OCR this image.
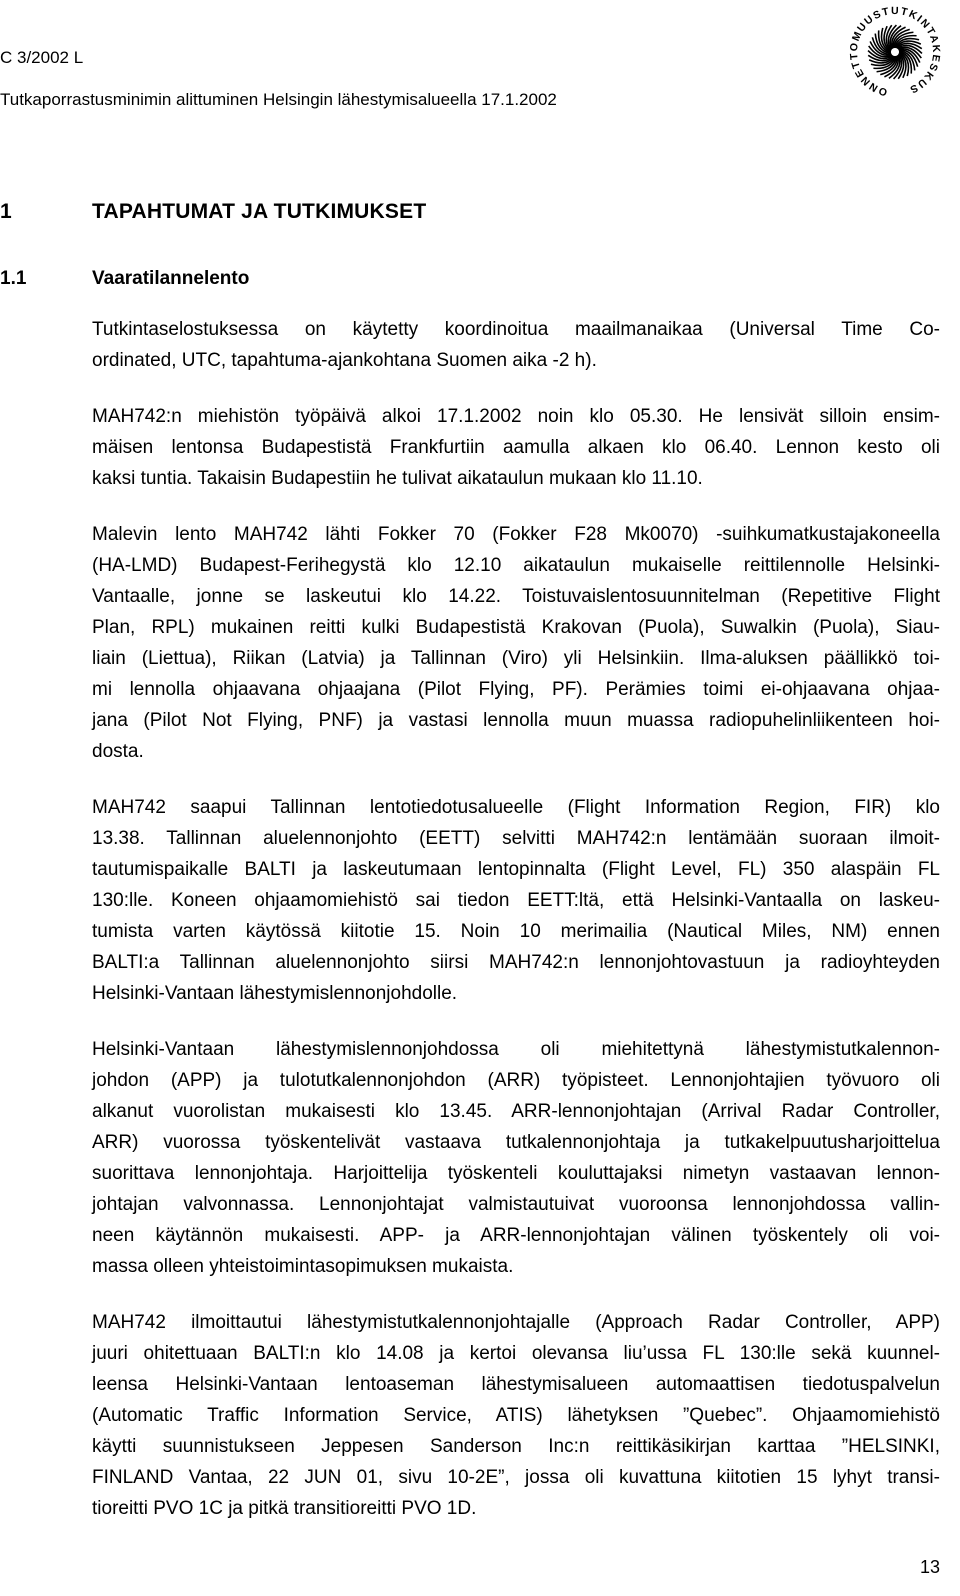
C 3/2002 L
Tutkaporrastusminimin alittuminen Helsingin lähestymisalueella 17.1.2002	ONNETTOMUUSTUTKINTAKESKUS
1	TAPAHTUMAT JA TUTKIMUKSET
1.1	Vaaratilannelento
Tutkintaselostuksessa on käytetty koordinoitua maailmanaikaa (Universal Time Co-
ordinated, UTC, tapahtuma-ajankohtana Suomen aika -2 h).
MAH742:n miehistön työpäivä alkoi 17.1.2002 noin klo 05.30. He lensivät silloin ensim-
mäisen lentonsa Budapestistä Frankfurtiin aamulla alkaen klo 06.40. Lennon kesto oli
kaksi tuntia. Takaisin Budapestiin he tulivat aikataulun mukaan klo 11.10.
Malevin lento MAH742 lähti Fokker 70 (Fokker F28 Mk0070) -suihkumatkustajakoneella
(HA-LMD) Budapest-Ferihegystä klo 12.10 aikataulun mukaiselle reittilennolle Helsinki-
Vantaalle, jonne se laskeutui klo 14.22. Toistuvaislentosuunnitelman (Repetitive Flight
Plan, RPL) mukainen reitti kulki Budapestistä Krakovan (Puola), Suwalkin (Puola), Siau-
liain (Liettua), Riikan (Latvia) ja Tallinnan (Viro) yli Helsinkiin. Ilma-aluksen päällikkö toi-
mi lennolla ohjaavana ohjaajana (Pilot Flying, PF). Perämies toimi ei-ohjaavana ohjaa-
jana (Pilot Not Flying, PNF) ja vastasi lennolla muun muassa radiopuhelinliikenteen hoi-
dosta.
MAH742 saapui Tallinnan lentotiedotusalueelle (Flight Information Region, FIR) klo
13.38. Tallinnan aluelennonjohto (EETT) selvitti MAH742:n lentämään suoraan ilmoit-
tautumispaikalle BALTI ja laskeutumaan lentopinnalta (Flight Level, FL) 350 alaspäin FL
130:lle. Koneen ohjaamomiehistö sai tiedon EETT:ltä, että Helsinki-Vantaalla on laskeu-
tumista varten käytössä kiitotie 15. Noin 10 merimailia (Nautical Miles, NM) ennen
BALTI:a Tallinnan aluelennonjohto siirsi MAH742:n lennonjohtovastuun ja radioyhteyden
Helsinki-Vantaan lähestymislennonjohdolle.
Helsinki-Vantaan lähestymislennonjohdossa oli miehitettynä lähestymistutkalennon-
johdon (APP) ja tulotutkalennonjohdon (ARR) työpisteet. Lennonjohtajien työvuoro oli
alkanut vuorolistan mukaisesti klo 13.45. ARR-lennonjohtajan (Arrival Radar Controller,
ARR) vuorossa työskentelivät vastaava tutkalennonjohtaja ja tutkakelpuutusharjoittelua
suorittava lennonjohtaja. Harjoittelija työskenteli kouluttajaksi nimetyn vastaavan lennon-
johtajan valvonnassa. Lennonjohtajat valmistautuivat vuoroonsa lennonjohdossa vallin-
neen käytännön mukaisesti. APP- ja ARR-lennonjohtajan välinen työskentely oli voi-
massa olleen yhteistoimintasopimuksen mukaista.
MAH742 ilmoittautui lähestymistutkalennonjohtajalle (Approach Radar Controller, APP)
juuri ohitettuaan BALTI:n klo 14.08 ja kertoi olevansa liu’ussa FL 130:lle sekä kuunnel-
leensa Helsinki-Vantaan lentoaseman lähestymisalueen automaattisen tiedotuspalvelun
(Automatic Traffic Information Service, ATIS) lähetyksen ”Quebec”. Ohjaamomiehistö
käytti suunnistukseen Jeppesen Sanderson Inc:n reittikäsikirjan karttaa ”HELSINKI,
FINLAND Vantaa, 22 JUN 01, sivu 10-2E”, jossa oli kuvattuna kiitotien 15 lyhyt transi-
tioreitti PVO 1C ja pitkä transitioreitti PVO 1D.
13
